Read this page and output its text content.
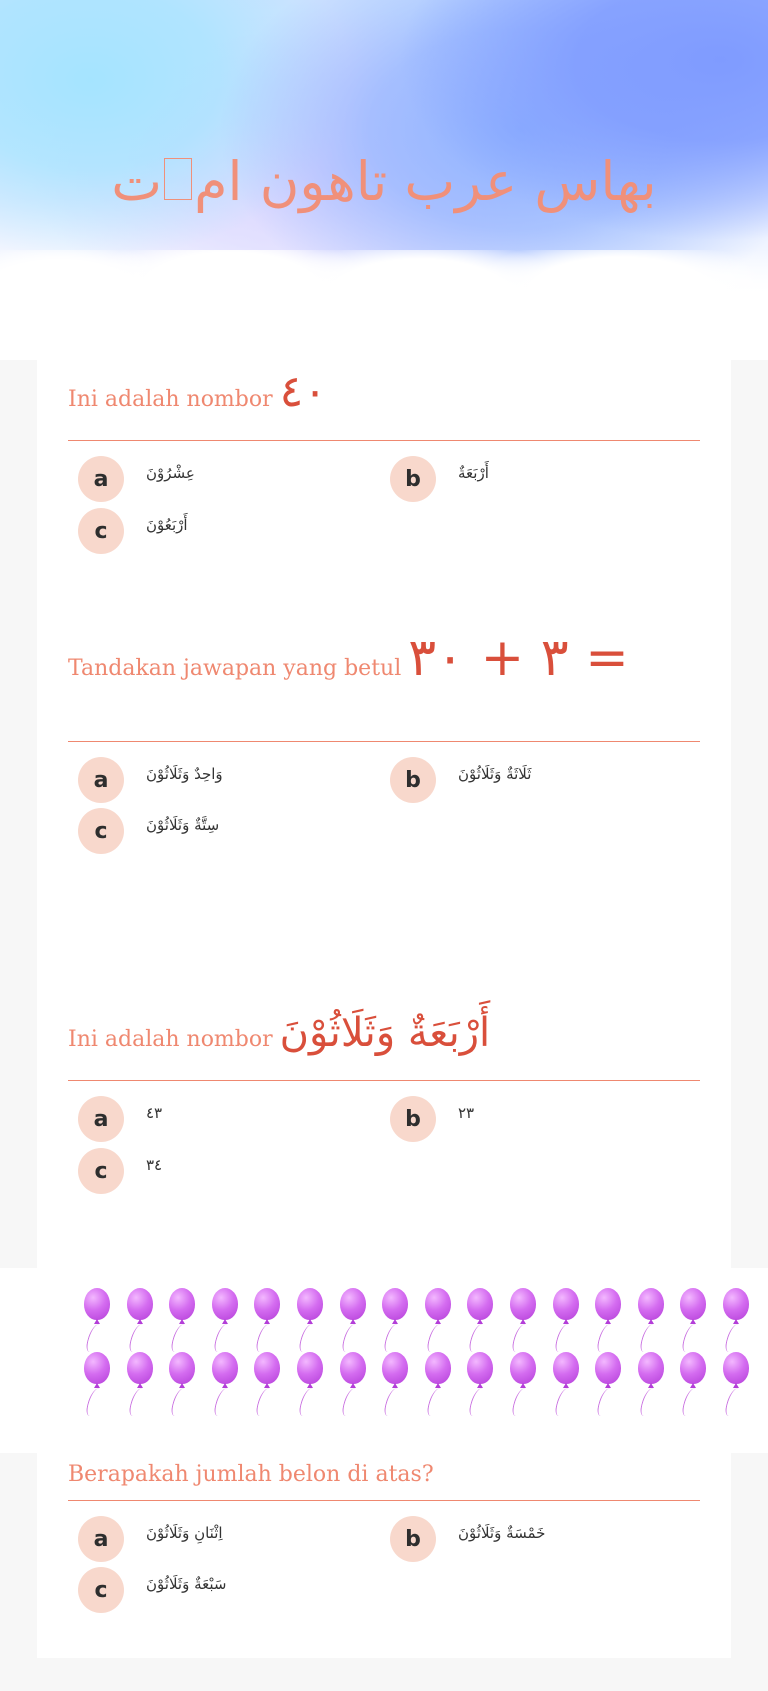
بهاس عرب تاهون امت
Ini adalah nombor ٤٠
a	عِشْرُوْنَ	b	أَرْبَعَةٌ
c	أَرْبَعُوْنَ
Tandakan jawapan yang betul ٣ + ٣٠ =
a	وَاحِدٌ وَثَلَاثُوْنَ	b	ثَلَاثَةٌ وَثَلَاثُوْنَ
c	سِتَّةٌ وَثَلَاثُوْنَ
Ini adalah nombor أَرْبَعَةٌ وَثَلَاثُوْنَ
a	٤٣	b	٢٣
c	٣٤
Berapakah jumlah belon di atas?
a	اِثْنَانِ وَثَلَاثُوْنَ	b	خَمْسَةٌ وَثَلَاثُوْنَ
c	سَبْعَةٌ وَثَلَاثُوْنَ
